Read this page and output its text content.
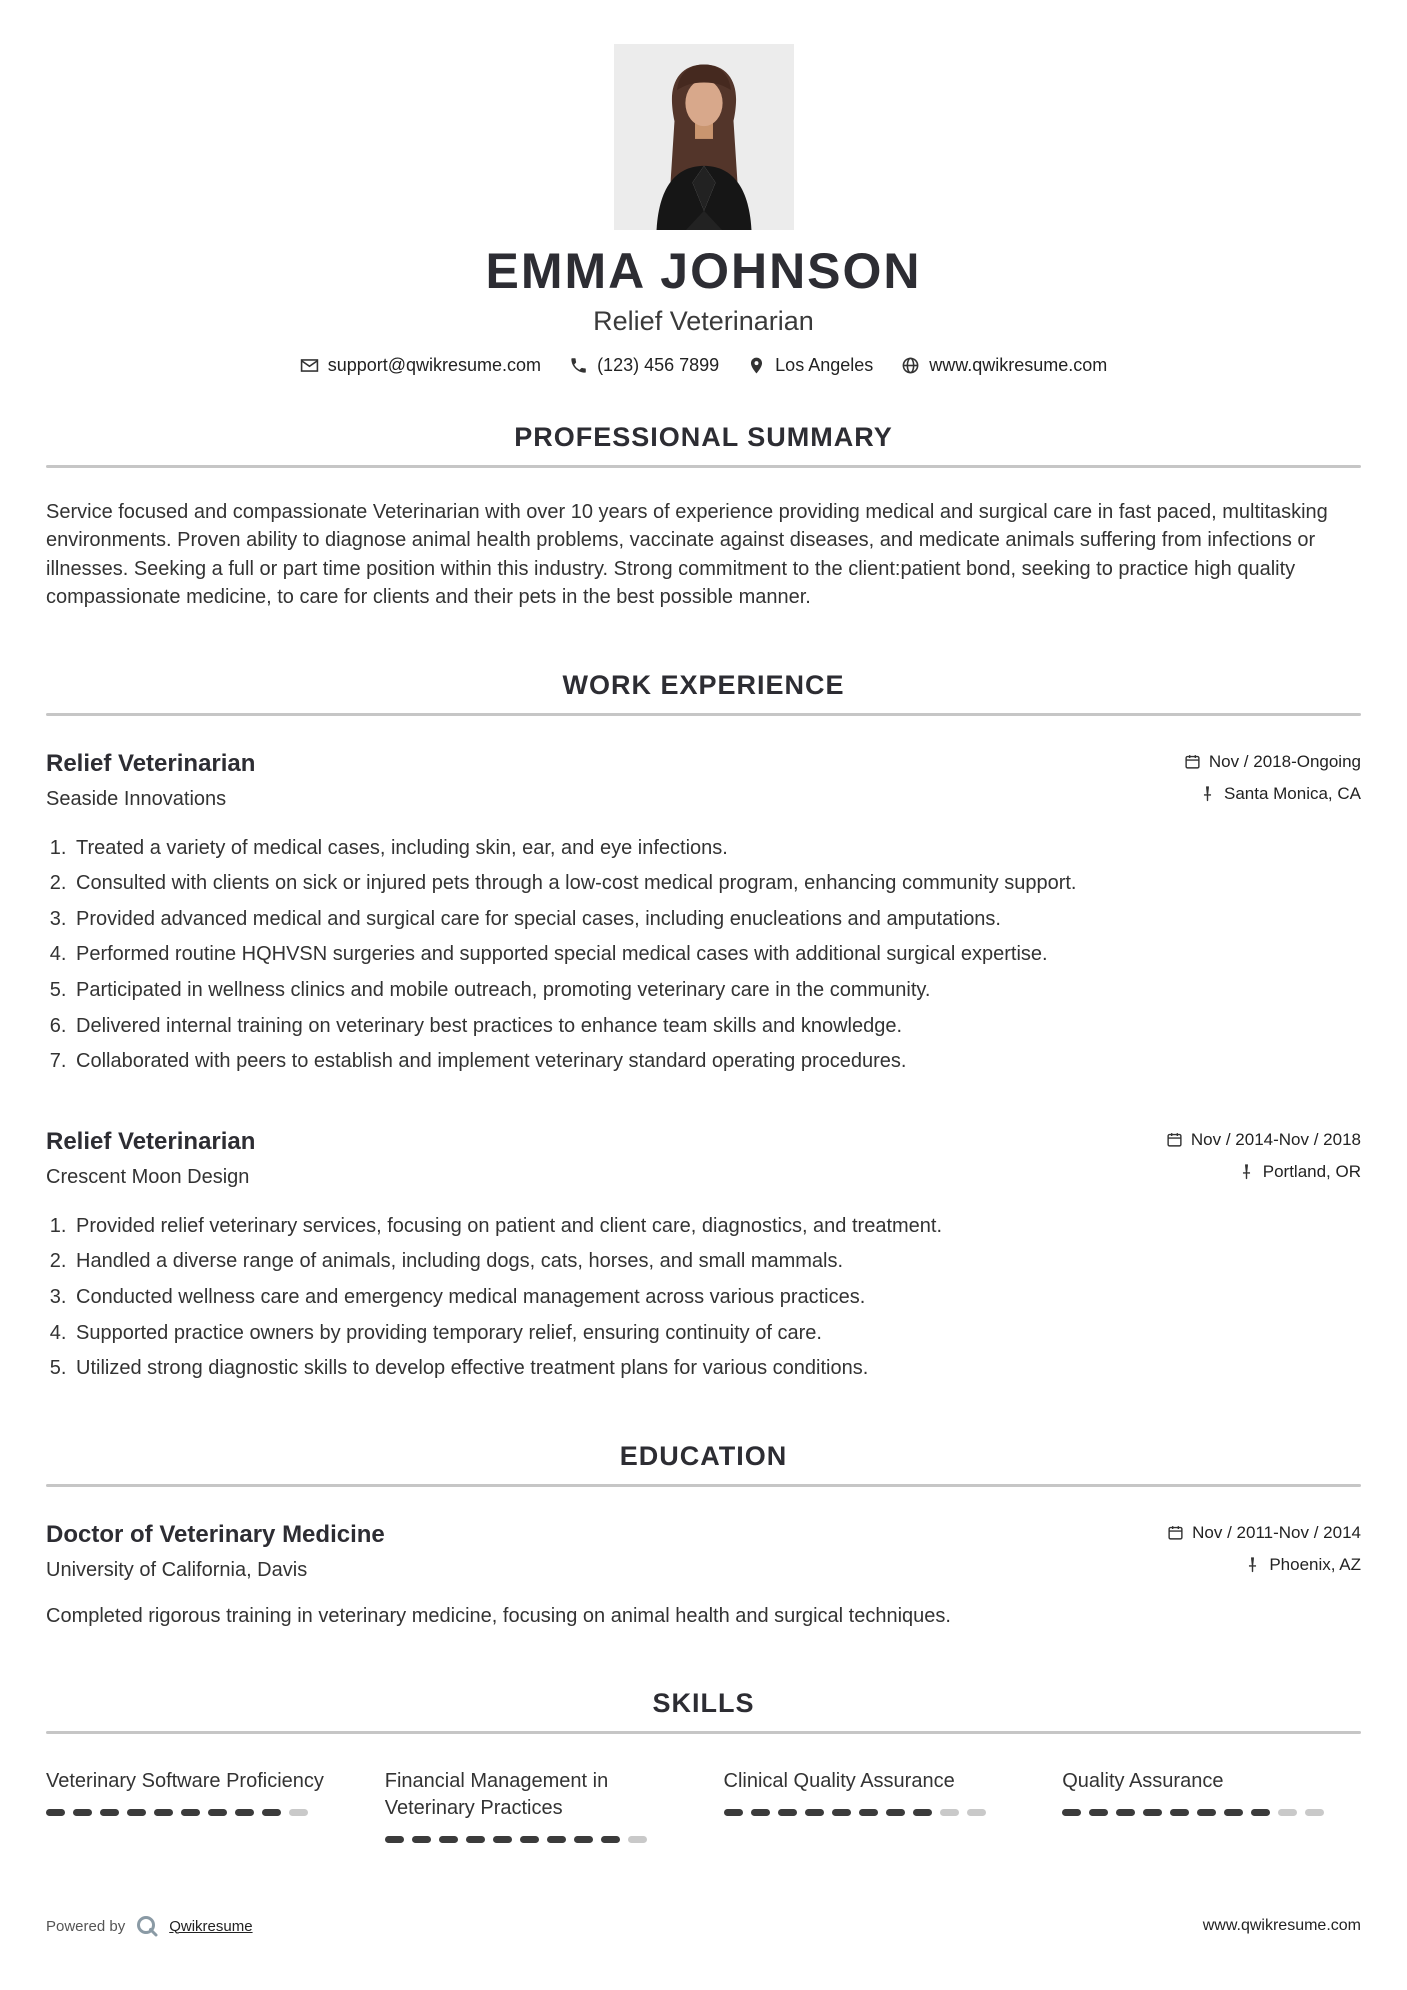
EMMA JOHNSON
Relief Veterinarian
support@qwikresume.com	(123) 456 7899	Los Angeles	www.qwikresume.com
PROFESSIONAL SUMMARY

Service focused and compassionate Veterinarian with over 10 years of experience providing medical and surgical care in fast paced, multitasking environments. Proven ability to diagnose animal health problems, vaccinate against diseases, and medicate animals suffering from infections or illnesses. Seeking a full or part time position within this industry. Strong commitment to the client:patient bond, seeking to practice high quality compassionate medicine, to care for clients and their pets in the best possible manner.

WORK EXPERIENCE
Relief Veterinarian
Seaside Innovations
Nov / 2018-Ongoing
Santa Monica, CA
1. Treated a variety of medical cases, including skin, ear, and eye infections.
2. Consulted with clients on sick or injured pets through a low-cost medical program, enhancing community support.
3. Provided advanced medical and surgical care for special cases, including enucleations and amputations.
4. Performed routine HQHVSN surgeries and supported special medical cases with additional surgical expertise.
5. Participated in wellness clinics and mobile outreach, promoting veterinary care in the community.
6. Delivered internal training on veterinary best practices to enhance team skills and knowledge.
7. Collaborated with peers to establish and implement veterinary standard operating procedures.
Relief Veterinarian
Crescent Moon Design
Nov / 2014-Nov / 2018
Portland, OR
1. Provided relief veterinary services, focusing on patient and client care, diagnostics, and treatment.
2. Handled a diverse range of animals, including dogs, cats, horses, and small mammals.
3. Conducted wellness care and emergency medical management across various practices.
4. Supported practice owners by providing temporary relief, ensuring continuity of care.
5. Utilized strong diagnostic skills to develop effective treatment plans for various conditions.
EDUCATION
Doctor of Veterinary Medicine
University of California, Davis
Nov / 2011-Nov / 2014
Phoenix, AZ

Completed rigorous training in veterinary medicine, focusing on animal health and surgical techniques.

SKILLS
Veterinary Software Proficiency	Financial Management in Veterinary Practices
Clinical Quality Assurance	Quality Assurance
Powered by	Qwikresume	www.qwikresume.com
